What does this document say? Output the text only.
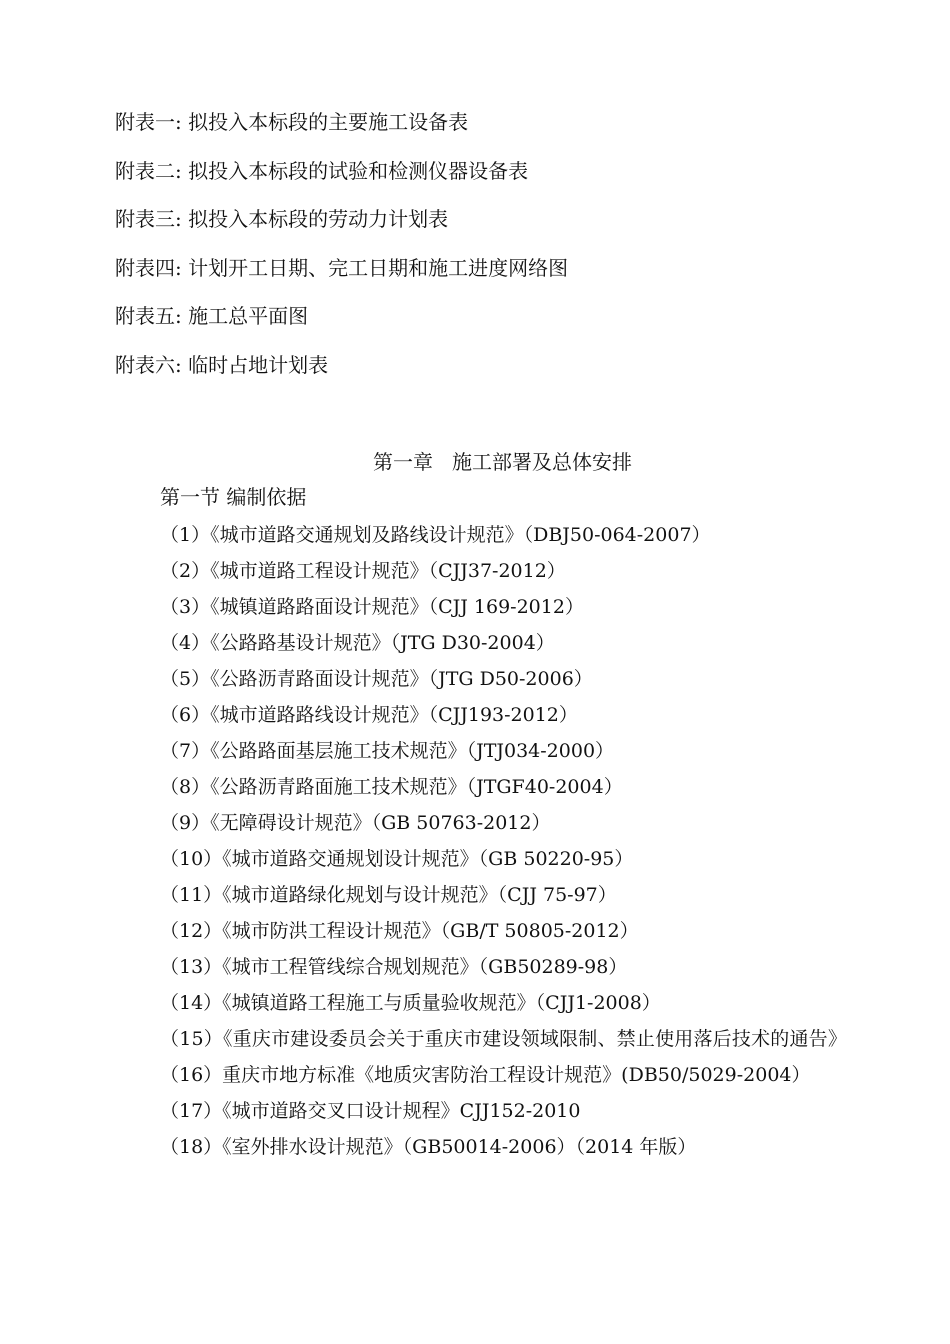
附表一: 拟投入本标段的主要施工设备表
附表二: 拟投入本标段的试验和检测仪器设备表
附表三: 拟投入本标段的劳动力计划表
附表四: 计划开工日期、完工日期和施工进度网络图
附表五: 施工总平面图
附表六: 临时占地计划表
第一章   施工部署及总体安排
第一节 编制依据
（1）《城市道路交通规划及路线设计规范》（DBJ50-064-2007）
（2）《城市道路工程设计规范》（CJJ37-2012）
（3）《城镇道路路面设计规范》（CJJ 169-2012）
（4）《公路路基设计规范》（JTG D30-2004）
（5）《公路沥青路面设计规范》（JTG D50-2006）
（6）《城市道路路线设计规范》（CJJ193-2012）
（7）《公路路面基层施工技术规范》（JTJ034-2000）
（8）《公路沥青路面施工技术规范》（JTGF40-2004）
（9）《无障碍设计规范》（GB 50763-2012）
（10）《城市道路交通规划设计规范》（GB 50220-95）
（11）《城市道路绿化规划与设计规范》（CJJ 75-97）
（12）《城市防洪工程设计规范》（GB/T 50805-2012）
（13）《城市工程管线综合规划规范》（GB50289-98）
（14）《城镇道路工程施工与质量验收规范》（CJJ1-2008）
（15）《重庆市建设委员会关于重庆市建设领域限制、禁止使用落后技术的通告》
（16）重庆市地方标准《地质灾害防治工程设计规范》(DB50/5029-2004）
（17）《城市道路交叉口设计规程》CJJ152-2010
（18）《室外排水设计规范》（GB50014-2006）（2014 年版）
